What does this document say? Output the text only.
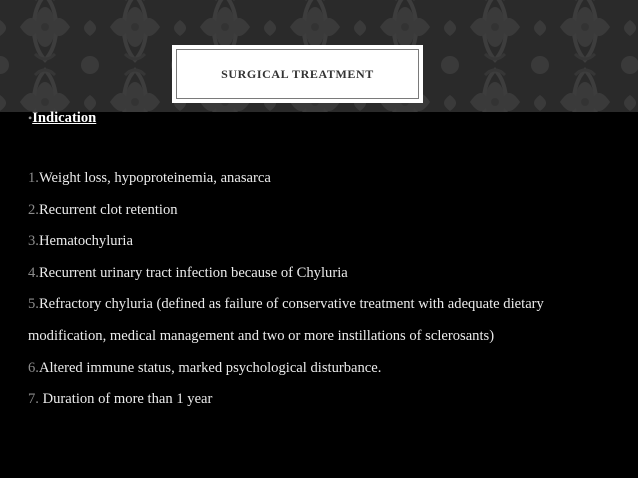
SURGICAL TREATMENT
•Indication

1.Weight loss, hypoproteinemia, anasarca

2.Recurrent clot retention

3.Hematochyluria

4.Recurrent urinary tract infection because of Chyluria

5.Refractory chyluria (defined as failure of conservative treatment with adequate dietary modification, medical management and two or more instillations of sclerosants)

6.Altered immune status, marked psychological disturbance.

7. Duration of more than 1 year
